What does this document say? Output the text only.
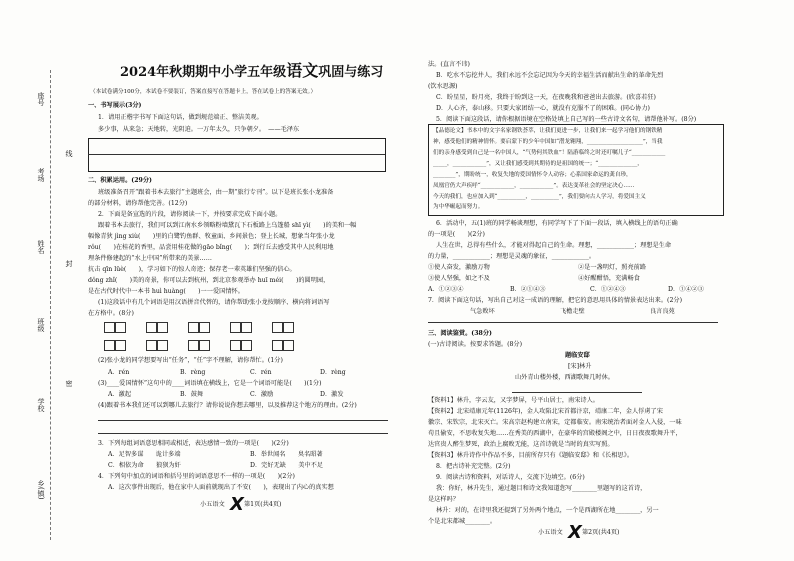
座号
考场
姓名
班级
学校
乡(镇)
线
封
密
2024年秋期期中小学五年级语文巩固与练习
（本试卷满分100分，本试卷不要装订，答案直接写在答题卡上，答在试卷上的答案无效。）
一、书写展示(3分)
1．请用正楷字书写下面这句话，做到规范端正、整洁美观。
多少事，从来急；天地转，光阴迫。一万年太久，只争朝夕。　——毛泽东
二、积累运用。(29分)
班级准备召开“跟着书本去旅行”主题班会，由一期“旅行专刊”。以下是班长张小龙准备
的部分材料，请你帮他完善。(12分)
2．下面是备宣选的片段，请你阅读一下，并按要求完成下面小题。
跟着书本去旅行，我们可以到江南水乡领略粉墙黛瓦下石板路上乌篷船 shī yì(　　)的美和一幅
幅像青狄 jìng xiù(　　)里的白鹭钓鱼群、牧童面、乡间景色；登上长城，想象当年张小龙
rǒu(　　)在桂花的香里，品尝用桂花做的gāo bǐng(　　)；到行丘去感受其中人民利用地
理条件修建起的“水上中国”所带来的美景……
抗击 qīn lüè(　　)，学习如下的惊人奇迹；保存老一辈英雄们坚强的信心。
dǒng zhǐ(　　)美的奇景，你可以去到杭州，到北京参观举办 huī méi(　　)的圆明园，
是在古代时代中一本书 huì huàng(　　)一一爱国情怀。
(1)这段话中有几个词语是用汉语拼音代替的，请你帮助张小龙按顺序、横向将词语写
在方格中。(8分)
(2)张小龙的同学想要写出“任务”，“任”字不理解，请你帮忙。(1分)
A．rén	B．rèng	C．rén	D．rèng
(3)____爱国情怀”这句中的____词语填在横线上，它是一个词语可能是(　　)(1分)
A．激起	B．鼓舞	C．激励	D．激发
(4)跟着书本我们还可以到哪儿去旅行？请你说说你想去哪里，以及推荐这个地方的理由。(2分)
3．下列每组词语意思相同或相近，表达感情一致的一项是(　　)(2分)
A．足智多谋　　诡计多端	B．举世闻名　　臭名昭著
C．相依为命　　狼狈为奸	D．完好无缺　　美中不足
4．下列句中加点的词语和括号里的词语意思不一样的一项是(　　)(2分)
A．这次事件出现后，他在家中人面前就现出了不安(　　)，表现出了内心的真实想
小五语文 X 第1页(共4页)
法。(直言不讳)
B．吃水不忘挖井人，我们永远不会忘记因为今天的幸福生活而献出生命的革命先烈
(饮水思源)
C．盼星星，盼月亮，我终于盼到这一天，在夜晚我和爸爸出去旅游。(欣喜若狂)
D．人心齐，泰山移。只要大家团结一心，就没有克服不了的困难。(同心协力)
5．阅读下面这段话，请你根据语境在空格处填上自己写的一些古诗文名句，请帮他补写。(8分)
【品德论文】书本中的文字名家钢铁荟萃，让我们更进一步，让我们来一起学习他们的钢铁精
神，感受他们的精神情怀。要启蒙下的少年中国如“潜龙翱翔，____________________”，当我
们的亲身感受到自己是一名中国人，“气势何其铁血”！陆游临终之时还叮嘱儿子“____________
_____，____________”，又让我们感受到其期待的是祖国的统一；“______________，
________”，期盼统一，收复失地的爱国情怀令人动容；心系国家命运的龚自珍，
凤凰官仍大声疾呼“____________，____________”。表达变革社会的坚定决心……
今天的我们，也应加入到“__________，__________”，我们要向古人学习，将爱国主义
为中华崛起而努力。
6．活动中，五(1)班的同学畅谈理想，有同学写下了下面一段话，填入横线上的语句正确
的一项是(　　)(2分)
人生在世，总得有些什么，才能对得起自己的生命。理想，____________；理想是生命
的力量，____________；理想是灵魂的象征，____________。
①使人奋发，激励万物	②是一盏明灯，照亮前路
③使人坚强，如之不及	④好醒酣悟，充满畅食
A．①②③④	B．②①④③	C．①②④③	D．①④②③
7．阅读下面这句话，写出自己对这一成语的理解，把它的意思用具体的情景表达出来。(2分)
气急败坏	飞檐走壁	良言良苑
三、阅读鉴赏。(38分)
(一)古诗阅读。按要求答题。(8分)
题临安邸
[宋]林升
山外青山楼外楼，西湖歌舞几时休。
【资料1】林升，字云友，又字梦屏，号平山居士，南宋诗人。
【资料2】北宋靖康元年(1126年)，金人攻陷北宋首都汴京，靖康二年，金人俘虏了宋
徽宗、宋钦宗，北宋灭亡。宋高宗赵构建立南宋，定都临安。南宋统治者面对金人入侵，一味
苟且偷安，不思收复失地……在秀美的西湖中，在豪华的宫殿楼阁之中，日日夜夜歌舞升平，
达官贵人醉生梦死，政治上腐败无能，这首诗就是当时的真实写照。
【资料3】林升诗作中作品不多，目前所存只有《题临安邸》和《长相思》。
8．把古诗补充完整。(2分)
9．阅读古诗和资料，对话诗人，交流下边填空。(6分)
我：你好，林升先生，通过题目和诗文我知道您写________里题写的这首诗，
是这样吗？
林升：对的，在诗里我还提到了另外两个地点，一个是西湖所在地________，另一
个是北宋都城________。
小五语文 X 第2页(共4页)
